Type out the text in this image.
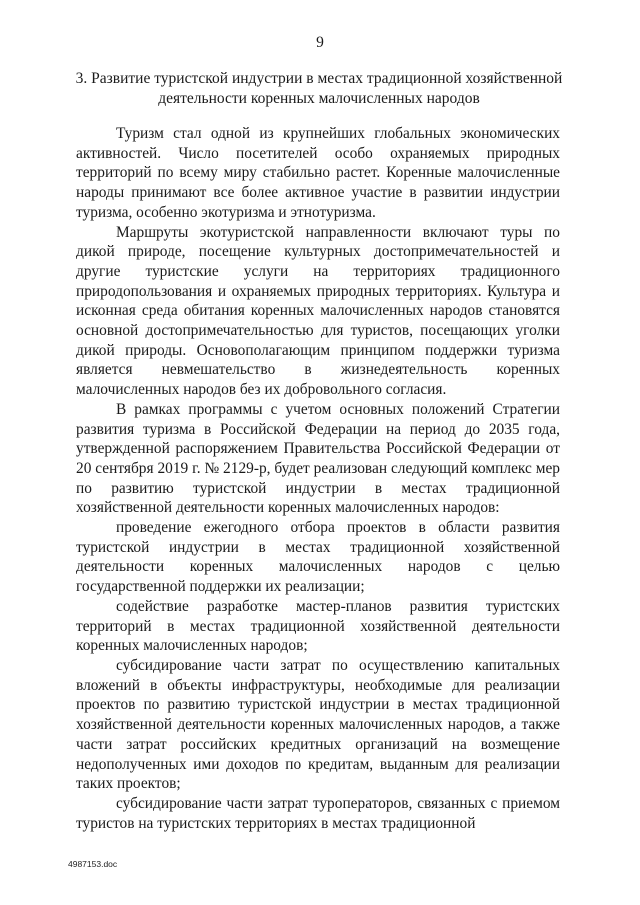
9
3. Развитие туристской индустрии в местах традиционной хозяйственной деятельности коренных малочисленных народов

Туризм стал одной из крупнейших глобальных экономических активностей. Число посетителей особо охраняемых природных территорий по всему миру стабильно растет. Коренные малочисленные народы принимают все более активное участие в развитии индустрии туризма, особенно экотуризма и этнотуризма.

Маршруты экотуристской направленности включают туры по дикой природе, посещение культурных достопримечательностей и другие туристские услуги на территориях традиционного природопользования и охраняемых природных территориях. Культура и исконная среда обитания коренных малочисленных народов становятся основной достопримечательностью для туристов, посещающих уголки дикой природы. Основополагающим принципом поддержки туризма является невмешательство в жизнедеятельность коренных малочисленных народов без их добровольного согласия.

В рамках программы с учетом основных положений Стратегии развития туризма в Российской Федерации на период до 2035 года, утвержденной распоряжением Правительства Российской Федерации от 20 сентября 2019 г. № 2129-р, будет реализован следующий комплекс мер по развитию туристской индустрии в местах традиционной хозяйственной деятельности коренных малочисленных народов:

проведение ежегодного отбора проектов в области развития туристской индустрии в местах традиционной хозяйственной деятельности коренных малочисленных народов с целью государственной поддержки их реализации;

содействие разработке мастер-планов развития туристских территорий в местах традиционной хозяйственной деятельности коренных малочисленных народов;

субсидирование части затрат по осуществлению капитальных вложений в объекты инфраструктуры, необходимые для реализации проектов по развитию туристской индустрии в местах традиционной хозяйственной деятельности коренных малочисленных народов, а также части затрат российских кредитных организаций на возмещение недополученных ими доходов по кредитам, выданным для реализации таких проектов;

субсидирование части затрат туроператоров, связанных с приемом туристов на туристских территориях в местах традиционной

4987153.doc
